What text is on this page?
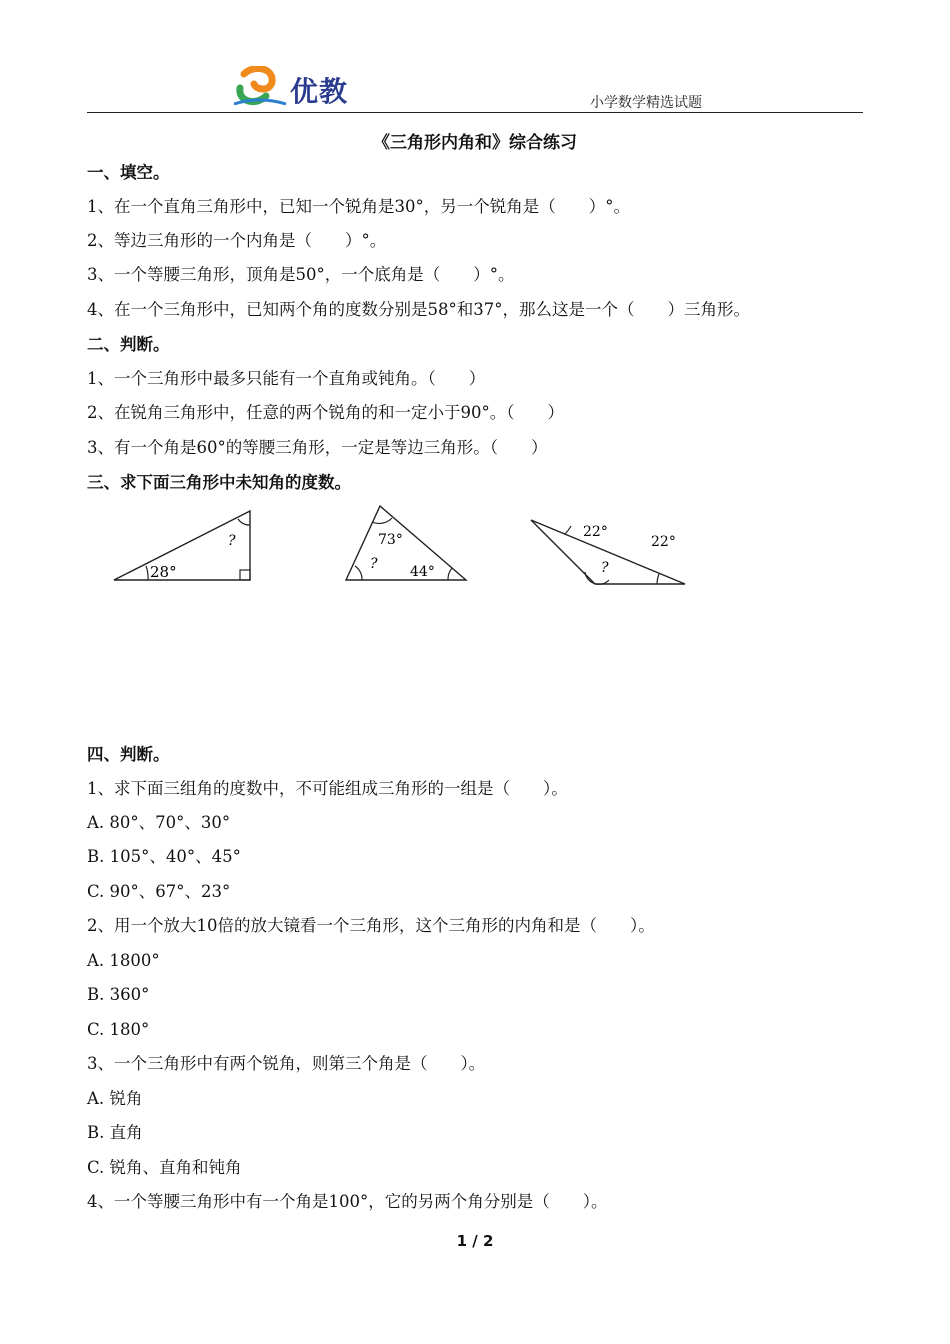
优教	小学数学精选试题
《三角形内角和》综合练习
一、填空。
1、在一个直角三角形中，已知一个锐角是30°，另一个锐角是（　　）°。
2、等边三角形的一个内角是（　　）°。
3、一个等腰三角形，顶角是50°，一个底角是（　　）°。
4、在一个三角形中，已知两个角的度数分别是58°和37°，那么这是一个（　　）三角形。
二、判断。
1、一个三角形中最多只能有一个直角或钝角。（　　）
2、在锐角三角形中，任意的两个锐角的和一定小于90°。（　　）
3、有一个角是60°的等腰三角形，一定是等边三角形。（　　）
三、求下面三角形中未知角的度数。
28°
?	73°
? 44°
22°
22°
?
四、判断。
1、求下面三组角的度数中，不可能组成三角形的一组是（　　）。
A. 80°、70°、30°
B. 105°、40°、45°
C. 90°、67°、23°
2、用一个放大10倍的放大镜看一个三角形，这个三角形的内角和是（　　）。
A. 1800°
B. 360°
C. 180°
3、一个三角形中有两个锐角，则第三个角是（　　）。
A. 锐角
B. 直角
C. 锐角、直角和钝角
4、一个等腰三角形中有一个角是100°，它的另两个角分别是（　　）。
1 / 2
